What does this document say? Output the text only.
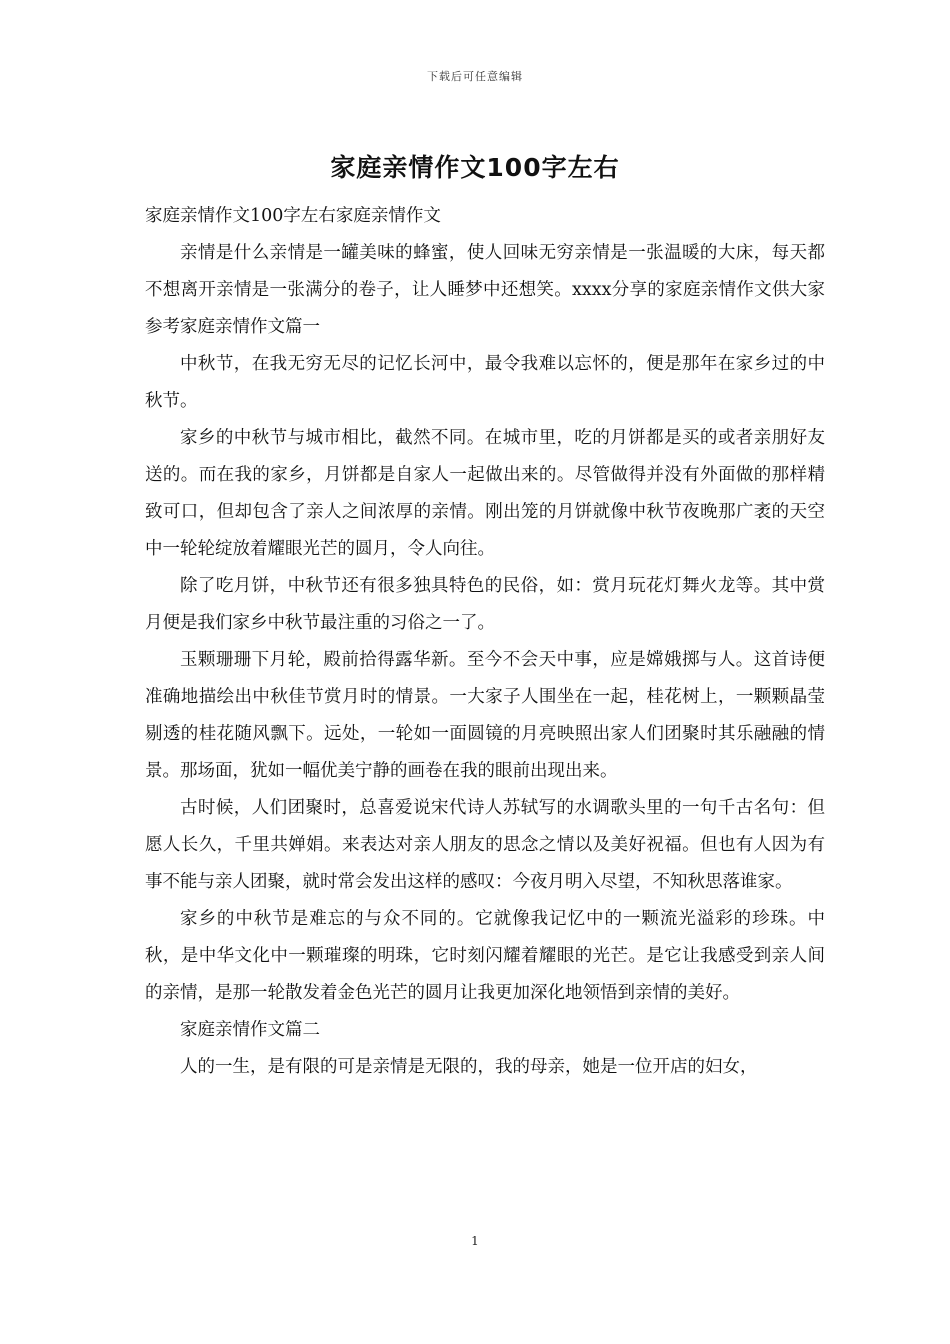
下载后可任意编辑
家庭亲情作文100字左右

家庭亲情作文100字左右家庭亲情作文

亲情是什么亲情是一罐美味的蜂蜜，使人回味无穷亲情是一张温暖的大床，每天都不想离开亲情是一张满分的卷子，让人睡梦中还想笑。xxxx分享的家庭亲情作文供大家参考家庭亲情作文篇一

中秋节，在我无穷无尽的记忆长河中，最令我难以忘怀的，便是那年在家乡过的中秋节。

家乡的中秋节与城市相比，截然不同。在城市里，吃的月饼都是买的或者亲朋好友送的。而在我的家乡，月饼都是自家人一起做出来的。尽管做得并没有外面做的那样精致可口，但却包含了亲人之间浓厚的亲情。刚出笼的月饼就像中秋节夜晚那广袤的天空中一轮轮绽放着耀眼光芒的圆月，令人向往。

除了吃月饼，中秋节还有很多独具特色的民俗，如：赏月玩花灯舞火龙等。其中赏月便是我们家乡中秋节最注重的习俗之一了。

玉颗珊珊下月轮，殿前拾得露华新。至今不会天中事，应是嫦娥掷与人。这首诗便准确地描绘出中秋佳节赏月时的情景。一大家子人围坐在一起，桂花树上，一颗颗晶莹剔透的桂花随风飘下。远处，一轮如一面圆镜的月亮映照出家人们团聚时其乐融融的情景。那场面，犹如一幅优美宁静的画卷在我的眼前出现出来。

古时候，人们团聚时，总喜爱说宋代诗人苏轼写的水调歌头里的一句千古名句：但愿人长久，千里共婵娟。来表达对亲人朋友的思念之情以及美好祝福。但也有人因为有事不能与亲人团聚，就时常会发出这样的感叹：今夜月明入尽望，不知秋思落谁家。

家乡的中秋节是难忘的与众不同的。它就像我记忆中的一颗流光溢彩的珍珠。中秋，是中华文化中一颗璀璨的明珠，它时刻闪耀着耀眼的光芒。是它让我感受到亲人间的亲情，是那一轮散发着金色光芒的圆月让我更加深化地领悟到亲情的美好。

家庭亲情作文篇二

人的一生，是有限的可是亲情是无限的，我的母亲，她是一位开店的妇女，

1
